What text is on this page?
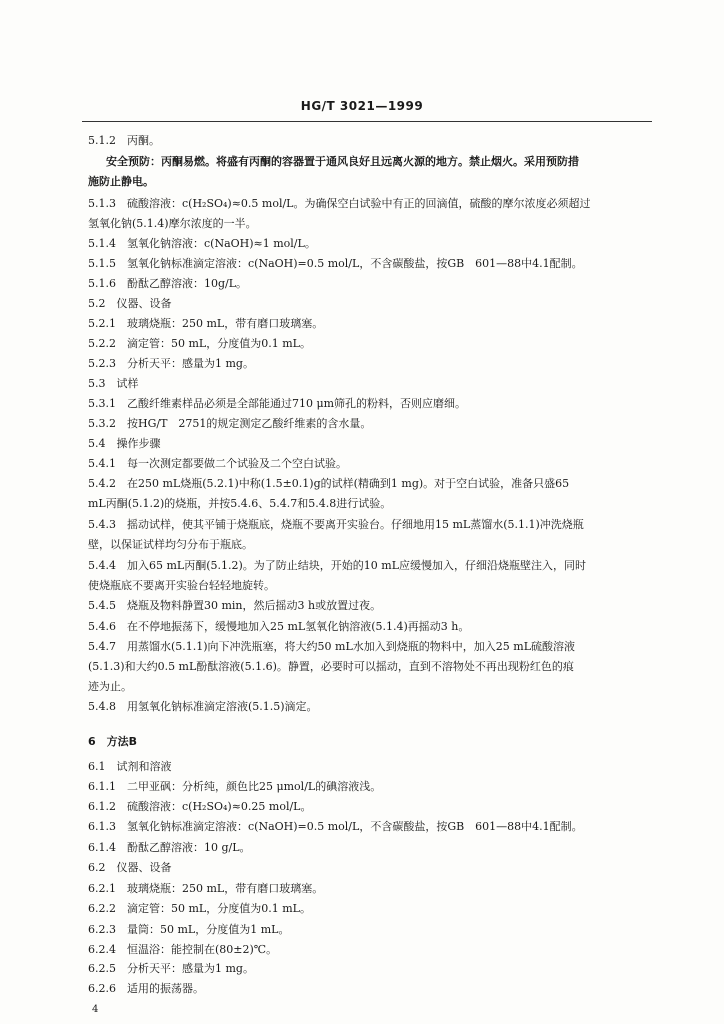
HG/T 3021—1999
5.1.2　丙酮。
安全预防：丙酮易燃。将盛有丙酮的容器置于通风良好且远离火源的地方。禁止烟火。采用预防措
施防止静电。
5.1.3　硫酸溶液：c(H₂SO₄)≈0.5 mol/L。为确保空白试验中有正的回滴值，硫酸的摩尔浓度必须超过
氢氧化钠(5.1.4)摩尔浓度的一半。
5.1.4　氢氧化钠溶液：c(NaOH)≈1 mol/L。
5.1.5　氢氧化钠标准滴定溶液：c(NaOH)=0.5 mol/L，不含碳酸盐，按GB　601—88中4.1配制。
5.1.6　酚酞乙醇溶液：10g/L。
5.2　仪器、设备
5.2.1　玻璃烧瓶：250 mL，带有磨口玻璃塞。
5.2.2　滴定管：50 mL，分度值为0.1 mL。
5.2.3　分析天平：感量为1 mg。
5.3　试样
5.3.1　乙酸纤维素样品必须是全部能通过710 μm筛孔的粉料，否则应磨细。
5.3.2　按HG/T　2751的规定测定乙酸纤维素的含水量。
5.4　操作步骤
5.4.1　每一次测定都要做二个试验及二个空白试验。
5.4.2　在250 mL烧瓶(5.2.1)中称(1.5±0.1)g的试样(精确到1 mg)。对于空白试验，准备只盛65
mL丙酮(5.1.2)的烧瓶，并按5.4.6、5.4.7和5.4.8进行试验。
5.4.3　摇动试样，使其平铺于烧瓶底，烧瓶不要离开实验台。仔细地用15 mL蒸馏水(5.1.1)冲洗烧瓶
壁，以保证试样均匀分布于瓶底。
5.4.4　加入65 mL丙酮(5.1.2)。为了防止结块，开始的10 mL应缓慢加入，仔细沿烧瓶壁注入，同时
使烧瓶底不要离开实验台轻轻地旋转。
5.4.5　烧瓶及物料静置30 min，然后摇动3 h或放置过夜。
5.4.6　在不停地振荡下，缓慢地加入25 mL氢氧化钠溶液(5.1.4)再摇动3 h。
5.4.7　用蒸馏水(5.1.1)向下冲洗瓶塞，将大约50 mL水加入到烧瓶的物料中，加入25 mL硫酸溶液
(5.1.3)和大约0.5 mL酚酞溶液(5.1.6)。静置，必要时可以摇动，直到不溶物处不再出现粉红色的痕
迹为止。
5.4.8　用氢氧化钠标准滴定溶液(5.1.5)滴定。
6　方法B
6.1　试剂和溶液
6.1.1　二甲亚砜：分析纯，颜色比25 μmol/L的碘溶液浅。
6.1.2　硫酸溶液：c(H₂SO₄)≈0.25 mol/L。
6.1.3　氢氧化钠标准滴定溶液：c(NaOH)=0.5 mol/L，不含碳酸盐，按GB　601—88中4.1配制。
6.1.4　酚酞乙醇溶液：10 g/L。
6.2　仪器、设备
6.2.1　玻璃烧瓶：250 mL，带有磨口玻璃塞。
6.2.2　滴定管：50 mL，分度值为0.1 mL。
6.2.3　量筒：50 mL，分度值为1 mL。
6.2.4　恒温浴：能控制在(80±2)℃。
6.2.5　分析天平：感量为1 mg。
6.2.6　适用的振荡器。
4
